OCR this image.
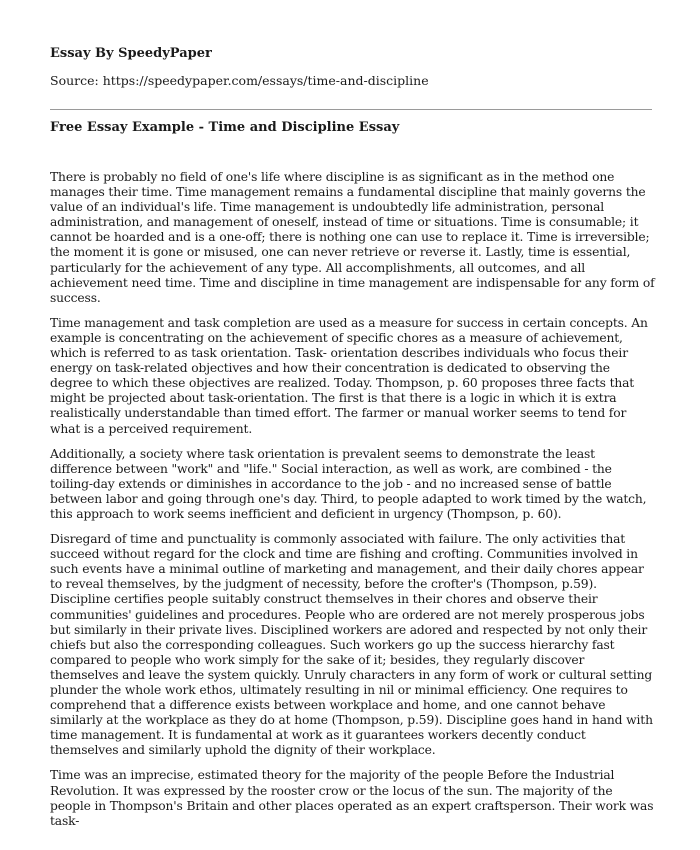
Essay By SpeedyPaper

Source: https://speedypaper.com/essays/time-and-discipline

Free Essay Example - Time and Discipline Essay

There is probably no field of one's life where discipline is as significant as in the method one manages their time. Time management remains a fundamental discipline that mainly governs the value of an individual's life. Time management is undoubtedly life administration, personal administration, and management of oneself, instead of time or situations. Time is consumable; it cannot be hoarded and is a one-off; there is nothing one can use to replace it. Time is irreversible; the moment it is gone or misused, one can never retrieve or reverse it. Lastly, time is essential, particularly for the achievement of any type. All accomplishments, all outcomes, and all achievement need time. Time and discipline in time management are indispensable for any form of success.

Time management and task completion are used as a measure for success in certain concepts. An example is concentrating on the achievement of specific chores as a measure of achievement, which is referred to as task orientation. Task- orientation describes individuals who focus their energy on task-related objectives and how their concentration is dedicated to observing the degree to which these objectives are realized. Today. Thompson, p. 60 proposes three facts that might be projected about task-orientation. The first is that there is a logic in which it is extra realistically understandable than timed effort. The farmer or manual worker seems to tend for what is a perceived requirement.

Additionally, a society where task orientation is prevalent seems to demonstrate the least difference between "work" and "life." Social interaction, as well as work, are combined - the toiling-day extends or diminishes in accordance to the job - and no increased sense of battle between labor and going through one's day. Third, to people adapted to work timed by the watch, this approach to work seems inefficient and deficient in urgency (Thompson, p. 60).

Disregard of time and punctuality is commonly associated with failure. The only activities that succeed without regard for the clock and time are fishing and crofting. Communities involved in such events have a minimal outline of marketing and management, and their daily chores appear to reveal themselves, by the judgment of necessity, before the crofter's (Thompson, p.59). Discipline certifies people suitably construct themselves in their chores and observe their communities' guidelines and procedures. People who are ordered are not merely prosperous jobs but similarly in their private lives. Disciplined workers are adored and respected by not only their chiefs but also the corresponding colleagues. Such workers go up the success hierarchy fast compared to people who work simply for the sake of it; besides, they regularly discover themselves and leave the system quickly. Unruly characters in any form of work or cultural setting plunder the whole work ethos, ultimately resulting in nil or minimal efficiency. One requires to comprehend that a difference exists between workplace and home, and one cannot behave similarly at the workplace as they do at home (Thompson, p.59). Discipline goes hand in hand with time management. It is fundamental at work as it guarantees workers decently conduct themselves and similarly uphold the dignity of their workplace.

Time was an imprecise, estimated theory for the majority of the people Before the Industrial Revolution. It was expressed by the rooster crow or the locus of the sun. The majority of the people in Thompson's Britain and other places operated as an expert craftsperson. Their work was task-
